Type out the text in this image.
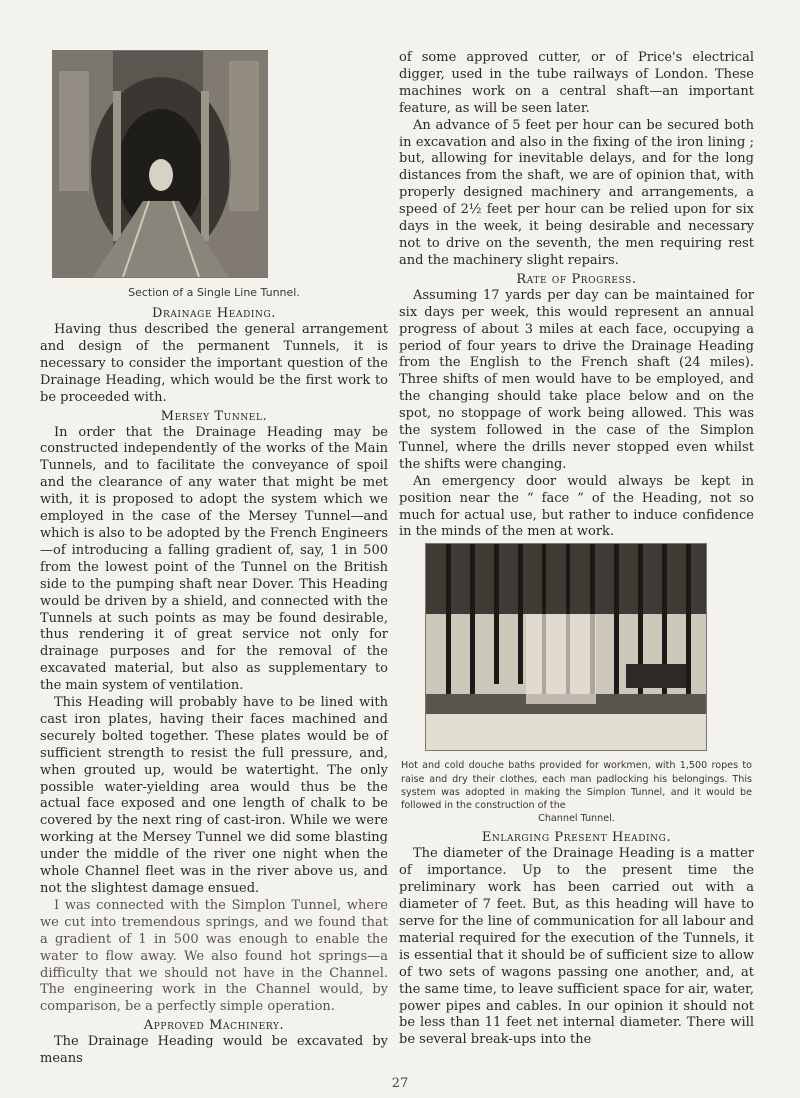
Section of a Single Line Tunnel.
Drainage Heading.

Having thus described the general arrangement and design of the permanent Tunnels, it is necessary to consider the important question of the Drainage Heading, which would be the first work to be proceeded with.

Mersey Tunnel.

In order that the Drainage Heading may be constructed independently of the works of the Main Tunnels, and to facilitate the conveyance of spoil and the clearance of any water that might be met with, it is proposed to adopt the system which we employed in the case of the Mersey Tunnel—and which is also to be adopted by the French Engineers—of introducing a falling gradient of, say, 1 in 500 from the lowest point of the Tunnel on the British side to the pumping shaft near Dover. This Heading would be driven by a shield, and connected with the Tunnels at such points as may be found desirable, thus rendering it of great service not only for drainage purposes and for the removal of the excavated material, but also as supplementary to the main system of ventilation.

This Heading will probably have to be lined with cast iron plates, having their faces machined and securely bolted together. These plates would be of sufficient strength to resist the full pressure, and, when grouted up, would be watertight. The only possible water-yielding area would thus be the actual face exposed and one length of chalk to be covered by the next ring of cast-iron. While we were working at the Mersey Tunnel we did some blasting under the middle of the river one night when the whole Channel fleet was in the river above us, and not the slightest damage ensued.

I was connected with the Simplon Tunnel, where we cut into tremendous springs, and we found that a gradient of 1 in 500 was enough to enable the water to flow away. We also found hot springs—a difficulty that we should not have in the Channel. The engineering work in the Channel would, by comparison, be a perfectly simple operation.

Approved Machinery.

The Drainage Heading would be excavated by means

of some approved cutter, or of Price's electrical digger, used in the tube railways of London. These machines work on a central shaft—an important feature, as will be seen later.

An advance of 5 feet per hour can be secured both in excavation and also in the fixing of the iron lining ; but, allowing for inevitable delays, and for the long distances from the shaft, we are of opinion that, with properly designed machinery and arrangements, a speed of 2½ feet per hour can be relied upon for six days in the week, it being desirable and necessary not to drive on the seventh, the men requiring rest and the machinery slight repairs.

Rate of Progress.

Assuming 17 yards per day can be maintained for six days per week, this would represent an annual progress of about 3 miles at each face, occupying a period of four years to drive the Drainage Heading from the English to the French shaft (24 miles). Three shifts of men would have to be employed, and the changing should take place below and on the spot, no stoppage of work being allowed. This was the system followed in the case of the Simplon Tunnel, where the drills never stopped even whilst the shifts were changing.

An emergency door would always be kept in position near the “ face ” of the Heading, not so much for actual use, but rather to induce confidence in the minds of the men at work.

Hot and cold douche baths provided for workmen, with 1,500 ropes to raise and dry their clothes, each man padlocking his belongings. This system was adopted in making the Simplon Tunnel, and it would be followed in the construction of the
Channel Tunnel.
Enlarging Present Heading.

The diameter of the Drainage Heading is a matter of importance. Up to the present time the preliminary work has been carried out with a diameter of 7 feet. But, as this heading will have to serve for the line of communication for all labour and material required for the execution of the Tunnels, it is essential that it should be of sufficient size to allow of two sets of wagons passing one another, and, at the same time, to leave sufficient space for air, water, power pipes and cables. In our opinion it should not be less than 11 feet net internal diameter. There will be several break-ups into the

27
